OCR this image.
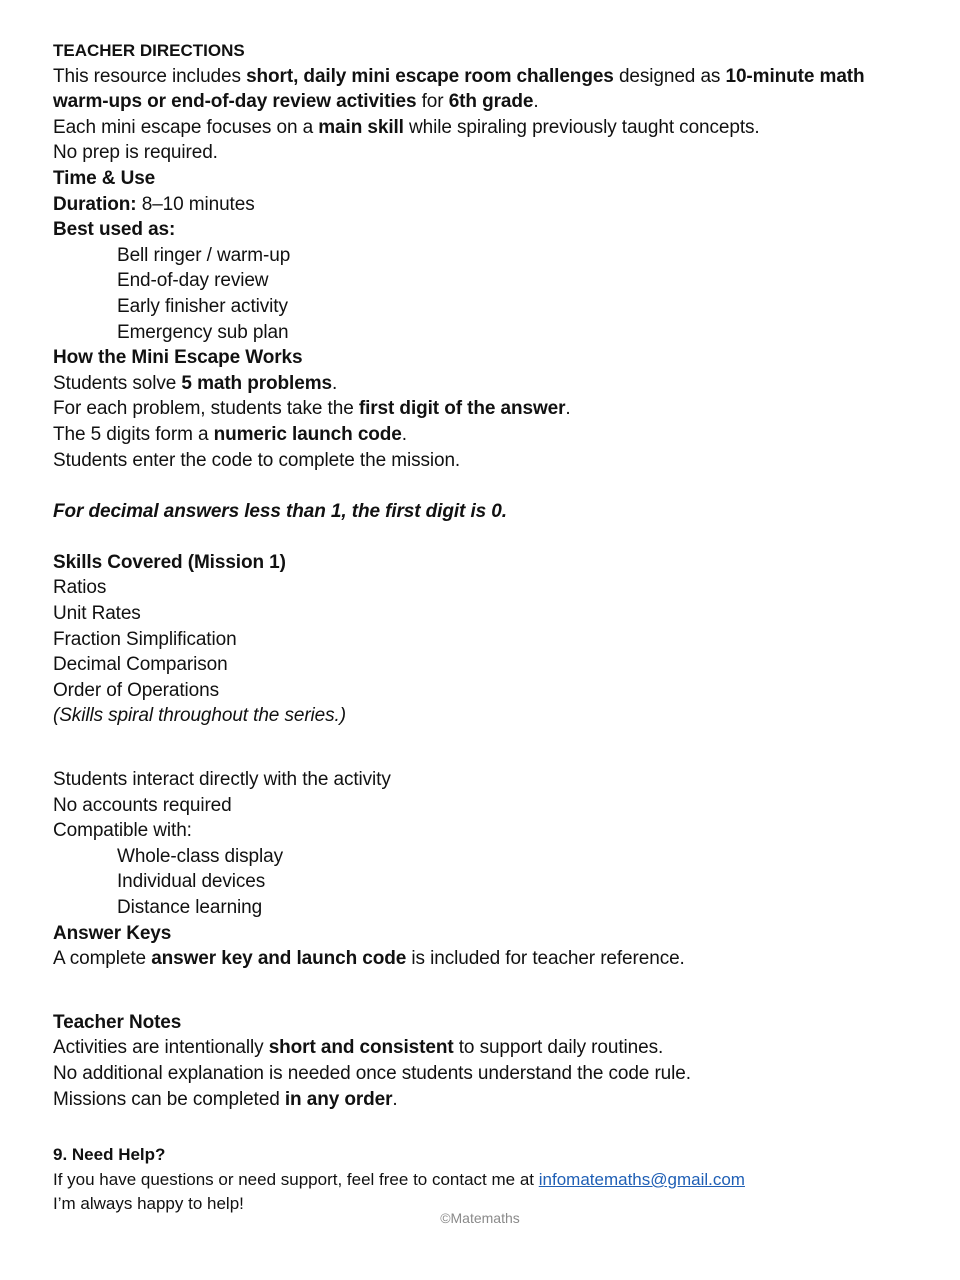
TEACHER DIRECTIONS
This resource includes short, daily mini escape room challenges designed as 10-minute math
warm-ups or end-of-day review activities for 6th grade.
Each mini escape focuses on a main skill while spiraling previously taught concepts.
No prep is required.
Time & Use
Duration: 8–10 minutes
Best used as:
Bell ringer / warm-up
End-of-day review
Early finisher activity
Emergency sub plan
How the Mini Escape Works
Students solve 5 math problems.
For each problem, students take the first digit of the answer.
The 5 digits form a numeric launch code.
Students enter the code to complete the mission.
For decimal answers less than 1, the first digit is 0.
Skills Covered (Mission 1)
Ratios
Unit Rates
Fraction Simplification
Decimal Comparison
Order of Operations
(Skills spiral throughout the series.)
Students interact directly with the activity
No accounts required
Compatible with:
Whole-class display
Individual devices
Distance learning
Answer Keys
A complete answer key and launch code is included for teacher reference.
Teacher Notes
Activities are intentionally short and consistent to support daily routines.
No additional explanation is needed once students understand the code rule.
Missions can be completed in any order.
9. Need Help?
If you have questions or need support, feel free to contact me at infomatemaths@gmail.com
I’m always happy to help!
©Matemaths
